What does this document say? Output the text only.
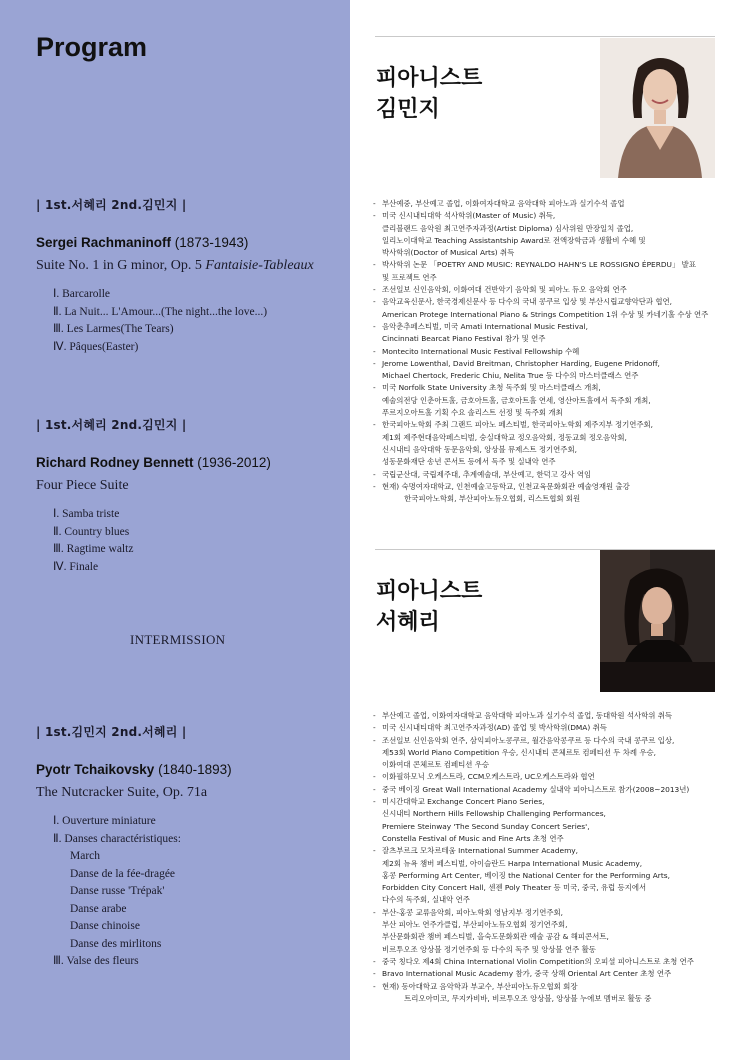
Program

| 1st.서혜리 2nd.김민지 |

Sergei Rachmaninoff (1873-1943)

Suite No. 1 in G minor, Op. 5 Fantaisie-Tableaux

Ⅰ. Barcarolle

Ⅱ. La Nuit... L'Amour...(The night...the love...)

Ⅲ. Les Larmes(The Tears)

Ⅳ. Pâques(Easter)

| 1st.서혜리 2nd.김민지 |

Richard Rodney Bennett (1936-2012)

Four Piece Suite

Ⅰ. Samba triste

Ⅱ. Country blues

Ⅲ. Ragtime waltz

Ⅳ. Finale

INTERMISSION

| 1st.김민지 2nd.서혜리 |

Pyotr Tchaikovsky (1840-1893)

The Nutcracker Suite, Op. 71a

Ⅰ. Ouverture miniature

Ⅱ. Danses charactéristiques:

March

Danse de la fée-dragée

Danse russe 'Trépak'

Danse arabe

Danse chinoise

Danse des mirlitons

Ⅲ. Valse des fleurs

피아니스트
김민지
- 부산예중, 부산예고 졸업, 이화여자대학교 음악대학 피아노과 실기수석 졸업
- 미국 신시내티대학 석사학위(Master of Music) 취득,
클리블랜드 음악원 최고연주자과정(Artist Diploma) 심사위원 만장일치 졸업,
일리노이대학교 Teaching Assistantship Award로 전액장학금과 생활비 수혜 및
박사학위(Doctor of Musical Arts) 취득
- 박사학위 논문 「POETRY AND MUSIC: REYNALDO HAHN'S LE ROSSIGNO ÉPERDU」 발표
및 프로젝트 연주
- 조선일보 신인음악회, 이화여대 건반악기 음악회 및 피아노 듀오 음악회 연주
- 음악교육신문사, 한국경제신문사 등 다수의 국내 콩쿠르 입상 및 부산시립교향악단과 협연,
American Protege International Piano & Strings Competition 1위 수상 및 카네기홀 수상 연주
- 음악춘추페스티벌, 미국 Amati International Music Festival,
Cincinnati Bearcat Piano Festival 참가 및 연주
- Montecito International Music Festival Fellowship 수혜
- Jerome Lowenthal, David Breitman, Christopher Harding, Eugene Pridonoff,
Michael Chertock, Frederic Chiu, Nelita True 등 다수의 마스터클래스 연주
- 미국 Norfolk State University 초청 독주회 및 마스터클래스 개최,
예술의전당 인춘아트홀, 금호아트홀, 금호아트홀 연세, 영산아트홀에서 독주회 개최,
푸르지오아트홀 기획 수요 솔리스트 선정 및 독주회 개최
- 한국피아노학회 주최 그랜드 피아노 페스티벌, 한국피아노학회 제주지부 정기연주회,
제1회 제주현대음악페스티벌, 숭실대학교 정오음악회, 정동교회 정오음악회,
신시내티 음악대학 동문음악회, 앙상블 뮤제스트 정기연주회,
성동문화재단 송년 콘서트 등에서 독주 및 실내악 연주
- 국립군산대, 국립제주대, 추계예술대, 부산예고, 한덕고 강사 역임
- 현재) 숙명여자대학교, 인천예술고등학교, 인천교육문화회관 예술영재원 출강
　　　한국피아노학회, 부산피아노듀오협회, 리스트협회 회원
피아니스트
서혜리
- 부산예고 졸업, 이화여자대학교 음악대학 피아노과 실기수석 졸업, 동대학원 석사학위 취득
- 미국 신시내티대학 최고연주자과정(AD) 졸업 및 박사학위(DMA) 취득
- 조선일보 신인음악회 연주, 삼익피아노콩쿠르, 월간음악콩쿠르 등 다수의 국내 콩쿠르 입상,
제53회 World Piano Competition 우승, 신시내티 콘체르토 컴페티션 두 차례 우승,
이화여대 콘체르토 컴페티션 우승
- 이화필하모닉 오케스트라, CCM오케스트라, UC오케스트라와 협연
- 중국 베이징 Great Wall International Academy 실내악 피아니스트로 참가(2008~2013년)
- 미시간대학교 Exchange Concert Piano Series,
신시내티 Northern Hills Fellowship Challenging Performances,
Premiere Steinway 'The Second Sunday Concert Series',
Constella Festival of Music and Fine Arts 초청 연주
- 잘츠부르크 모차르테움 International Summer Academy,
제2회 뉴욕 챔버 페스티벌, 아이슬란드 Harpa International Music Academy,
홍콩 Performing Art Center, 베이징 the National Center for the Performing Arts,
Forbidden City Concert Hall, 센젠 Poly Theater 등 미국, 중국, 유럽 등지에서
다수의 독주회, 실내악 연주
- 부산-홍콩 교류음악회, 피아노학회 영남지부 정기연주회,
부산 피아노 연주가클럽, 부산피아노듀오협회 정기연주회,
부산문화회관 챔버 페스티벌, 을숙도문화회관 예술 공감 & 해피콘서트,
비르투오조 앙상블 정기연주회 등 다수의 독주 및 앙상블 연주 활동
- 중국 칭다오 제4회 China International Violin Competition의 오피셜 피아니스트로 초청 연주
- Bravo International Music Academy 참가, 중국 상해 Oriental Art Center 초청 연주
- 현재) 동아대학교 음악학과 부교수, 부산피아노듀오협회 회장
　　　트리오아미코, 무지카비바, 비르투오조 앙상블, 앙상블 누에보 멤버로 활동 중
